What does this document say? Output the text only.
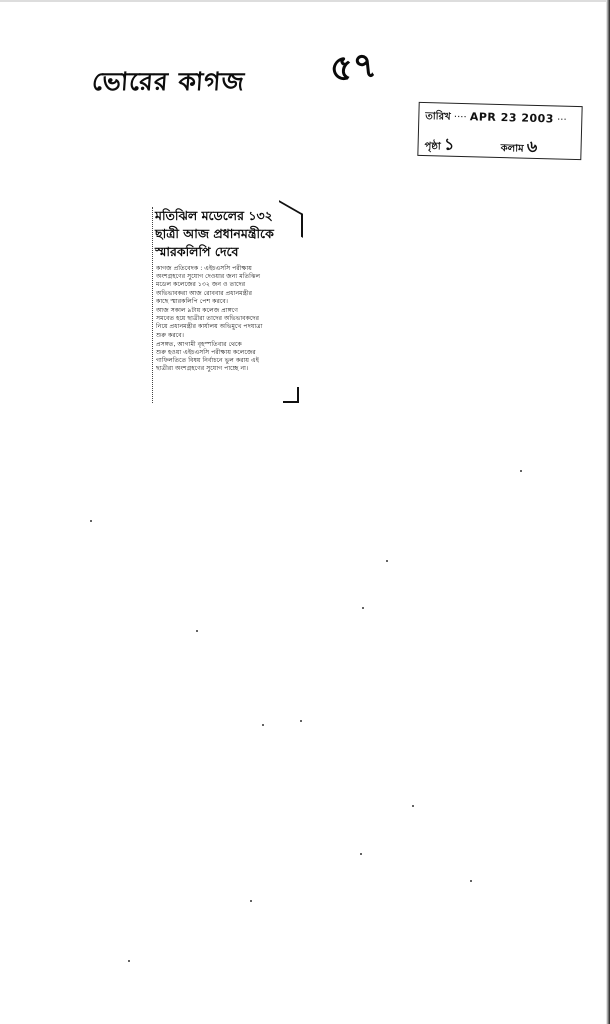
ভোরের কাগজ ৫৭
তারিখ ···· APR 23 2003 ···
পৃষ্ঠা ১	কলাম ৬
মতিঝিল মডেলের ১৩২
ছাত্রী আজ প্রধানমন্ত্রীকে
স্মারকলিপি দেবে

কাগজ প্রতিবেদক : এইচএসসি পরীক্ষায়
অংশগ্রহণের সুযোগ দেওয়ার জন্য মতিঝিল
মডেল কলেজের ১৩২ জন ও তাদের
অভিভাবকরা আজ রোববার প্রধানমন্ত্রীর
কাছে স্মারকলিপি পেশ করবে।

আজ সকাল ৯টায় কলেজ প্রাঙ্গণে
সমবেত হয়ে ছাত্রীরা তাদের অভিভাবকদের
নিয়ে প্রধানমন্ত্রীর কার্যালয় অভিমুখে পদযাত্রা
শুরু করবে।

প্রসঙ্গত, আগামী বৃহস্পতিবার থেকে
শুরু হওয়া এইচএসসি পরীক্ষায় কলেজের
গাফিলতিতে বিষয় নির্বাচনে ভুল করায় এই
ছাত্রীরা অংশগ্রহণের সুযোগ পাচ্ছে না।
